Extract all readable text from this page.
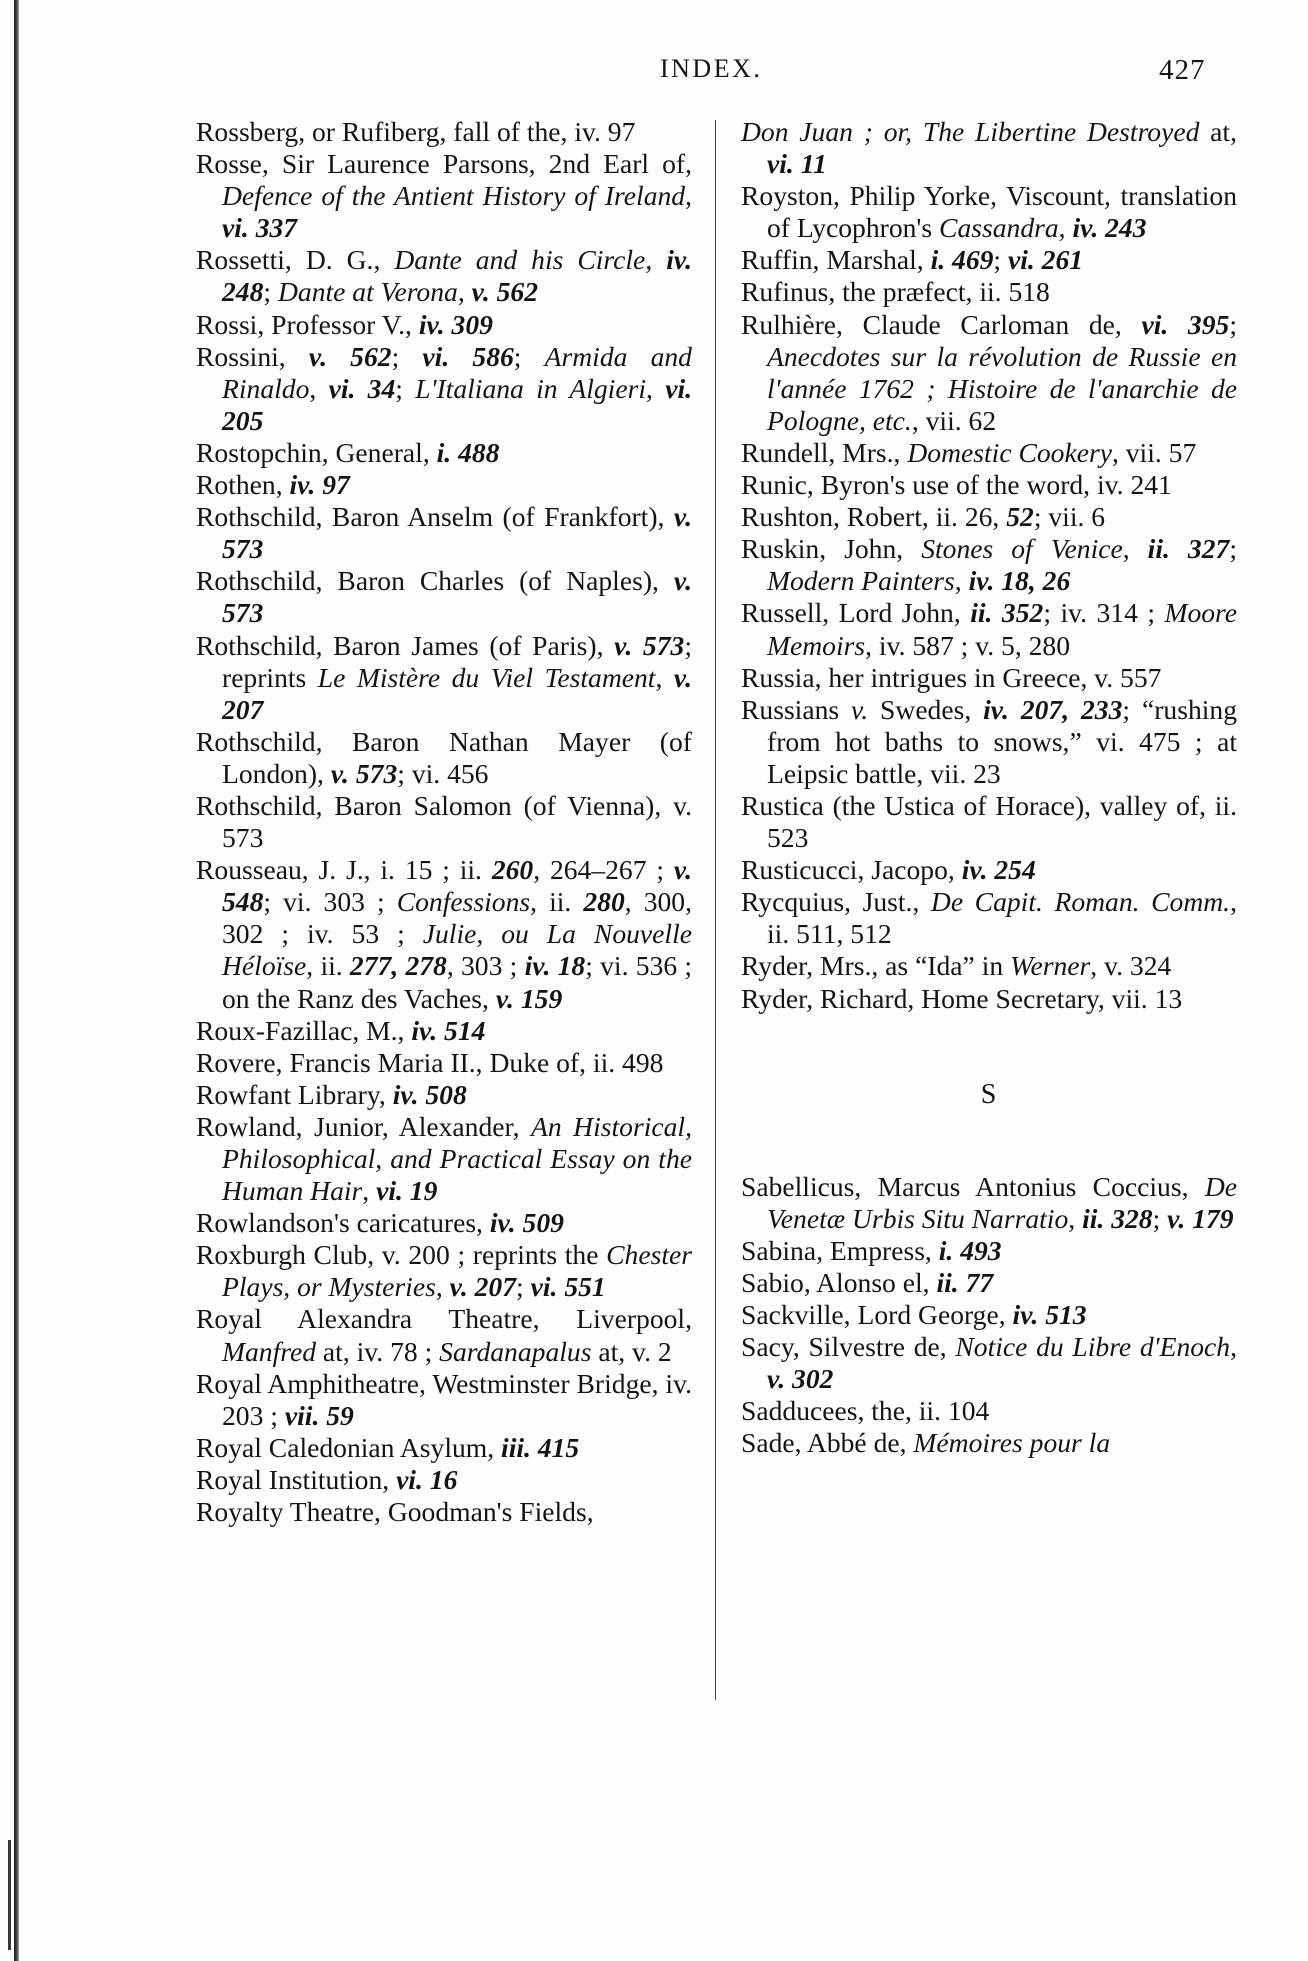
INDEX.	427

Rossberg, or Rufiberg, fall of the, iv. 97

Rosse, Sir Laurence Parsons, 2nd Earl of, Defence of the Antient History of Ireland, vi. 337

Rossetti, D. G., Dante and his Circle, iv. 248; Dante at Verona, v. 562

Rossi, Professor V., iv. 309

Rossini, v. 562; vi. 586; Armida and Rinaldo, vi. 34; L'Italiana in Algieri, vi. 205

Rostopchin, General, i. 488

Rothen, iv. 97

Rothschild, Baron Anselm (of Frankfort), v. 573

Rothschild, Baron Charles (of Naples), v. 573

Rothschild, Baron James (of Paris), v. 573; reprints Le Mistère du Viel Testament, v. 207

Rothschild, Baron Nathan Mayer (of London), v. 573; vi. 456

Rothschild, Baron Salomon (of Vienna), v. 573

Rousseau, J. J., i. 15 ; ii. 260, 264–267 ; v. 548; vi. 303 ; Confessions, ii. 280, 300, 302 ; iv. 53 ; Julie, ou La Nouvelle Héloïse, ii. 277, 278, 303 ; iv. 18; vi. 536 ; on the Ranz des Vaches, v. 159

Roux-Fazillac, M., iv. 514

Rovere, Francis Maria II., Duke of, ii. 498

Rowfant Library, iv. 508

Rowland, Junior, Alexander, An Historical, Philosophical, and Practical Essay on the Human Hair, vi. 19

Rowlandson's caricatures, iv. 509

Roxburgh Club, v. 200 ; reprints the Chester Plays, or Mysteries, v. 207; vi. 551

Royal Alexandra Theatre, Liverpool, Manfred at, iv. 78 ; Sardanapalus at, v. 2

Royal Amphitheatre, Westminster Bridge, iv. 203 ; vii. 59

Royal Caledonian Asylum, iii. 415

Royal Institution, vi. 16

Royalty Theatre, Goodman's Fields,

Don Juan ; or, The Libertine Destroyed at, vi. 11

Royston, Philip Yorke, Viscount, translation of Lycophron's Cassandra, iv. 243

Ruffin, Marshal, i. 469; vi. 261

Rufinus, the præfect, ii. 518

Rulhière, Claude Carloman de, vi. 395; Anecdotes sur la révolution de Russie en l'année 1762 ; Histoire de l'anarchie de Pologne, etc., vii. 62

Rundell, Mrs., Domestic Cookery, vii. 57

Runic, Byron's use of the word, iv. 241

Rushton, Robert, ii. 26, 52; vii. 6

Ruskin, John, Stones of Venice, ii. 327; Modern Painters, iv. 18, 26

Russell, Lord John, ii. 352; iv. 314 ; Moore Memoirs, iv. 587 ; v. 5, 280

Russia, her intrigues in Greece, v. 557

Russians v. Swedes, iv. 207, 233; “rushing from hot baths to snows,” vi. 475 ; at Leipsic battle, vii. 23

Rustica (the Ustica of Horace), valley of, ii. 523

Rusticucci, Jacopo, iv. 254

Rycquius, Just., De Capit. Roman. Comm., ii. 511, 512

Ryder, Mrs., as “Ida” in Werner, v. 324

Ryder, Richard, Home Secretary, vii. 13

S

Sabellicus, Marcus Antonius Coccius, De Venetæ Urbis Situ Narratio, ii. 328; v. 179

Sabina, Empress, i. 493

Sabio, Alonso el, ii. 77

Sackville, Lord George, iv. 513

Sacy, Silvestre de, Notice du Libre d'Enoch, v. 302

Sadducees, the, ii. 104

Sade, Abbé de, Mémoires pour la
